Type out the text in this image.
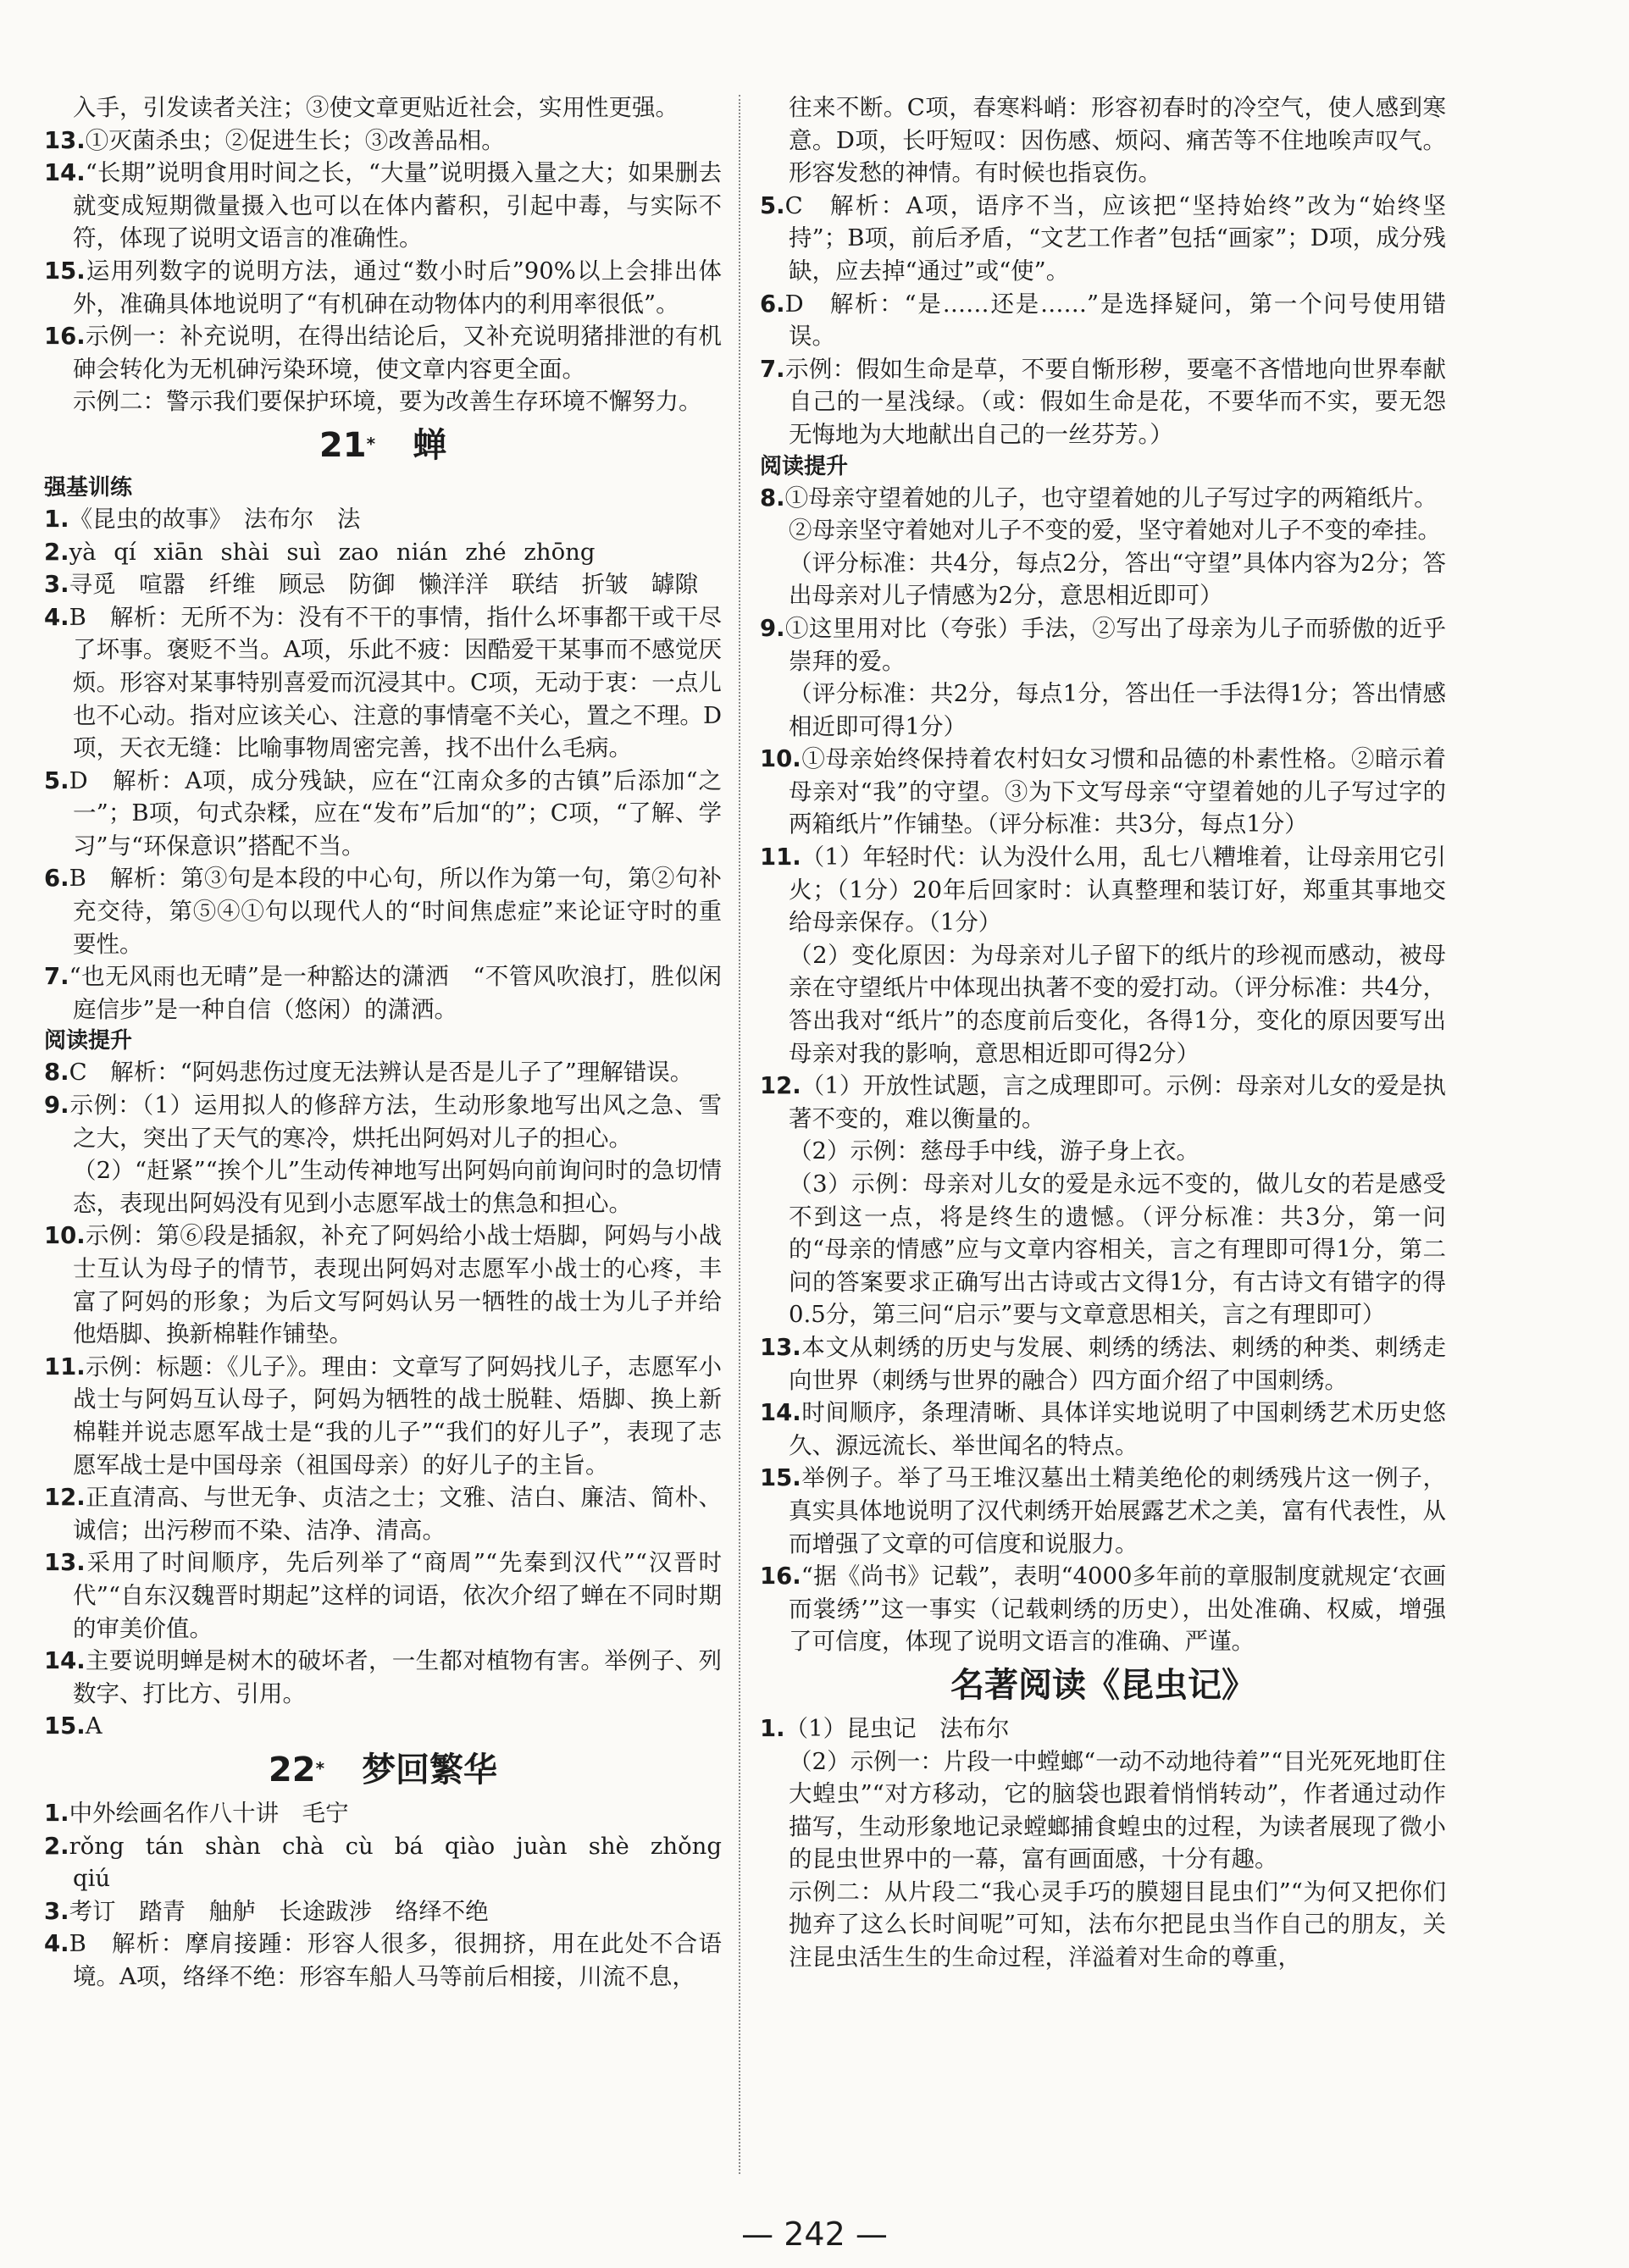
入手，引发读者关注；③使文章更贴近社会，实用性更强。
13.①灭菌杀虫；②促进生长；③改善品相。
14.“长期”说明食用时间之长，“大量”说明摄入量之大；如果删去就变成短期微量摄入也可以在体内蓄积，引起中毒，与实际不符，体现了说明文语言的准确性。
15.运用列数字的说明方法，通过“数小时后”90%以上会排出体外，准确具体地说明了“有机砷在动物体内的利用率很低”。
16.示例一：补充说明，在得出结论后，又补充说明猪排泄的有机砷会转化为无机砷污染环境，使文章内容更全面。
示例二：警示我们要保护环境，要为改善生存环境不懈努力。
21* 蝉
强基训练
1.《昆虫的故事》　法布尔　法
2.yà qí xiān shài suì zao nián zhé zhōng
3.寻觅　喧嚣　纤维　顾忌　防御　懒洋洋　联结　折皱　罅隙
4.B　解析：无所不为：没有不干的事情，指什么坏事都干或干尽了坏事。褒贬不当。A项，乐此不疲：因酷爱干某事而不感觉厌烦。形容对某事特别喜爱而沉浸其中。C项，无动于衷：一点儿也不心动。指对应该关心、注意的事情毫不关心，置之不理。D项，天衣无缝：比喻事物周密完善，找不出什么毛病。
5.D　解析：A项，成分残缺，应在“江南众多的古镇”后添加“之一”；B项，句式杂糅，应在“发布”后加“的”；C项，“了解、学习”与“环保意识”搭配不当。
6.B　解析：第③句是本段的中心句，所以作为第一句，第②句补充交待，第⑤④①句以现代人的“时间焦虑症”来论证守时的重要性。
7.“也无风雨也无晴”是一种豁达的潇洒　“不管风吹浪打，胜似闲庭信步”是一种自信（悠闲）的潇洒。
阅读提升
8.C　解析：“阿妈悲伤过度无法辨认是否是儿子了”理解错误。
9.示例：（1）运用拟人的修辞方法，生动形象地写出风之急、雪之大，突出了天气的寒冷，烘托出阿妈对儿子的担心。
（2）“赶紧”“挨个儿”生动传神地写出阿妈向前询问时的急切情态，表现出阿妈没有见到小志愿军战士的焦急和担心。
10.示例：第⑥段是插叙，补充了阿妈给小战士焐脚，阿妈与小战士互认为母子的情节，表现出阿妈对志愿军小战士的心疼，丰富了阿妈的形象；为后文写阿妈认另一牺牲的战士为儿子并给他焐脚、换新棉鞋作铺垫。
11.示例：标题：《儿子》。理由：文章写了阿妈找儿子，志愿军小战士与阿妈互认母子，阿妈为牺牲的战士脱鞋、焐脚、换上新棉鞋并说志愿军战士是“我的儿子”“我们的好儿子”，表现了志愿军战士是中国母亲（祖国母亲）的好儿子的主旨。
12.正直清高、与世无争、贞洁之士；文雅、洁白、廉洁、简朴、诚信；出污秽而不染、洁净、清高。
13.采用了时间顺序，先后列举了“商周”“先秦到汉代”“汉晋时代”“自东汉魏晋时期起”这样的词语，依次介绍了蝉在不同时期的审美价值。
14.主要说明蝉是树木的破坏者，一生都对植物有害。举例子、列数字、打比方、引用。
15.A
22* 梦回繁华
1.中外绘画名作八十讲　毛宁
2.rǒng tán shàn chà cù bá qiào juàn shè zhǒng qiú
3.考订　踏青　舳舻　长途跋涉　络绎不绝
4.B　解析：摩肩接踵：形容人很多，很拥挤，用在此处不合语境。A项，络绎不绝：形容车船人马等前后相接，川流不息，
往来不断。C项，春寒料峭：形容初春时的冷空气，使人感到寒意。D项，长吁短叹：因伤感、烦闷、痛苦等不住地唉声叹气。形容发愁的神情。有时候也指哀伤。
5.C　解析：A项，语序不当，应该把“坚持始终”改为“始终坚持”；B项，前后矛盾，“文艺工作者”包括“画家”；D项，成分残缺，应去掉“通过”或“使”。
6.D　解析：“是……还是……”是选择疑问，第一个问号使用错误。
7.示例：假如生命是草，不要自惭形秽，要毫不吝惜地向世界奉献自己的一星浅绿。（或：假如生命是花，不要华而不实，要无怨无悔地为大地献出自己的一丝芬芳。）
阅读提升
8.①母亲守望着她的儿子，也守望着她的儿子写过字的两箱纸片。
②母亲坚守着她对儿子不变的爱，坚守着她对儿子不变的牵挂。
（评分标准：共4分，每点2分，答出“守望”具体内容为2分；答出母亲对儿子情感为2分，意思相近即可）
9.①这里用对比（夸张）手法，②写出了母亲为儿子而骄傲的近乎崇拜的爱。
（评分标准：共2分，每点1分，答出任一手法得1分；答出情感相近即可得1分）
10.①母亲始终保持着农村妇女习惯和品德的朴素性格。②暗示着母亲对“我”的守望。③为下文写母亲“守望着她的儿子写过字的两箱纸片”作铺垫。（评分标准：共3分，每点1分）
11.（1）年轻时代：认为没什么用，乱七八糟堆着，让母亲用它引火；（1分）20年后回家时：认真整理和装订好，郑重其事地交给母亲保存。（1分）
（2）变化原因：为母亲对儿子留下的纸片的珍视而感动，被母亲在守望纸片中体现出执著不变的爱打动。（评分标准：共4分，答出我对“纸片”的态度前后变化，各得1分，变化的原因要写出母亲对我的影响，意思相近即可得2分）
12.（1）开放性试题，言之成理即可。示例：母亲对儿女的爱是执著不变的，难以衡量的。
（2）示例：慈母手中线，游子身上衣。
（3）示例：母亲对儿女的爱是永远不变的，做儿女的若是感受不到这一点，将是终生的遗憾。（评分标准：共3分，第一问的“母亲的情感”应与文章内容相关，言之有理即可得1分，第二问的答案要求正确写出古诗或古文得1分，有古诗文有错字的得0.5分，第三问“启示”要与文章意思相关，言之有理即可）
13.本文从刺绣的历史与发展、刺绣的绣法、刺绣的种类、刺绣走向世界（刺绣与世界的融合）四方面介绍了中国刺绣。
14.时间顺序，条理清晰、具体详实地说明了中国刺绣艺术历史悠久、源远流长、举世闻名的特点。
15.举例子。举了马王堆汉墓出土精美绝伦的刺绣残片这一例子，真实具体地说明了汉代刺绣开始展露艺术之美，富有代表性，从而增强了文章的可信度和说服力。
16.“据《尚书》记载”，表明“4000多年前的章服制度就规定‘衣画而裳绣’”这一事实（记载刺绣的历史），出处准确、权威，增强了可信度，体现了说明文语言的准确、严谨。
名著阅读《昆虫记》
1.（1）昆虫记　法布尔
（2）示例一：片段一中螳螂“一动不动地待着”“目光死死地盯住大蝗虫”“对方移动，它的脑袋也跟着悄悄转动”，作者通过动作描写，生动形象地记录螳螂捕食蝗虫的过程，为读者展现了微小的昆虫世界中的一幕，富有画面感，十分有趣。
示例二：从片段二“我心灵手巧的膜翅目昆虫们”“为何又把你们抛弃了这么长时间呢”可知，法布尔把昆虫当作自己的朋友，关注昆虫活生生的生命过程，洋溢着对生命的尊重，
— 242 —
